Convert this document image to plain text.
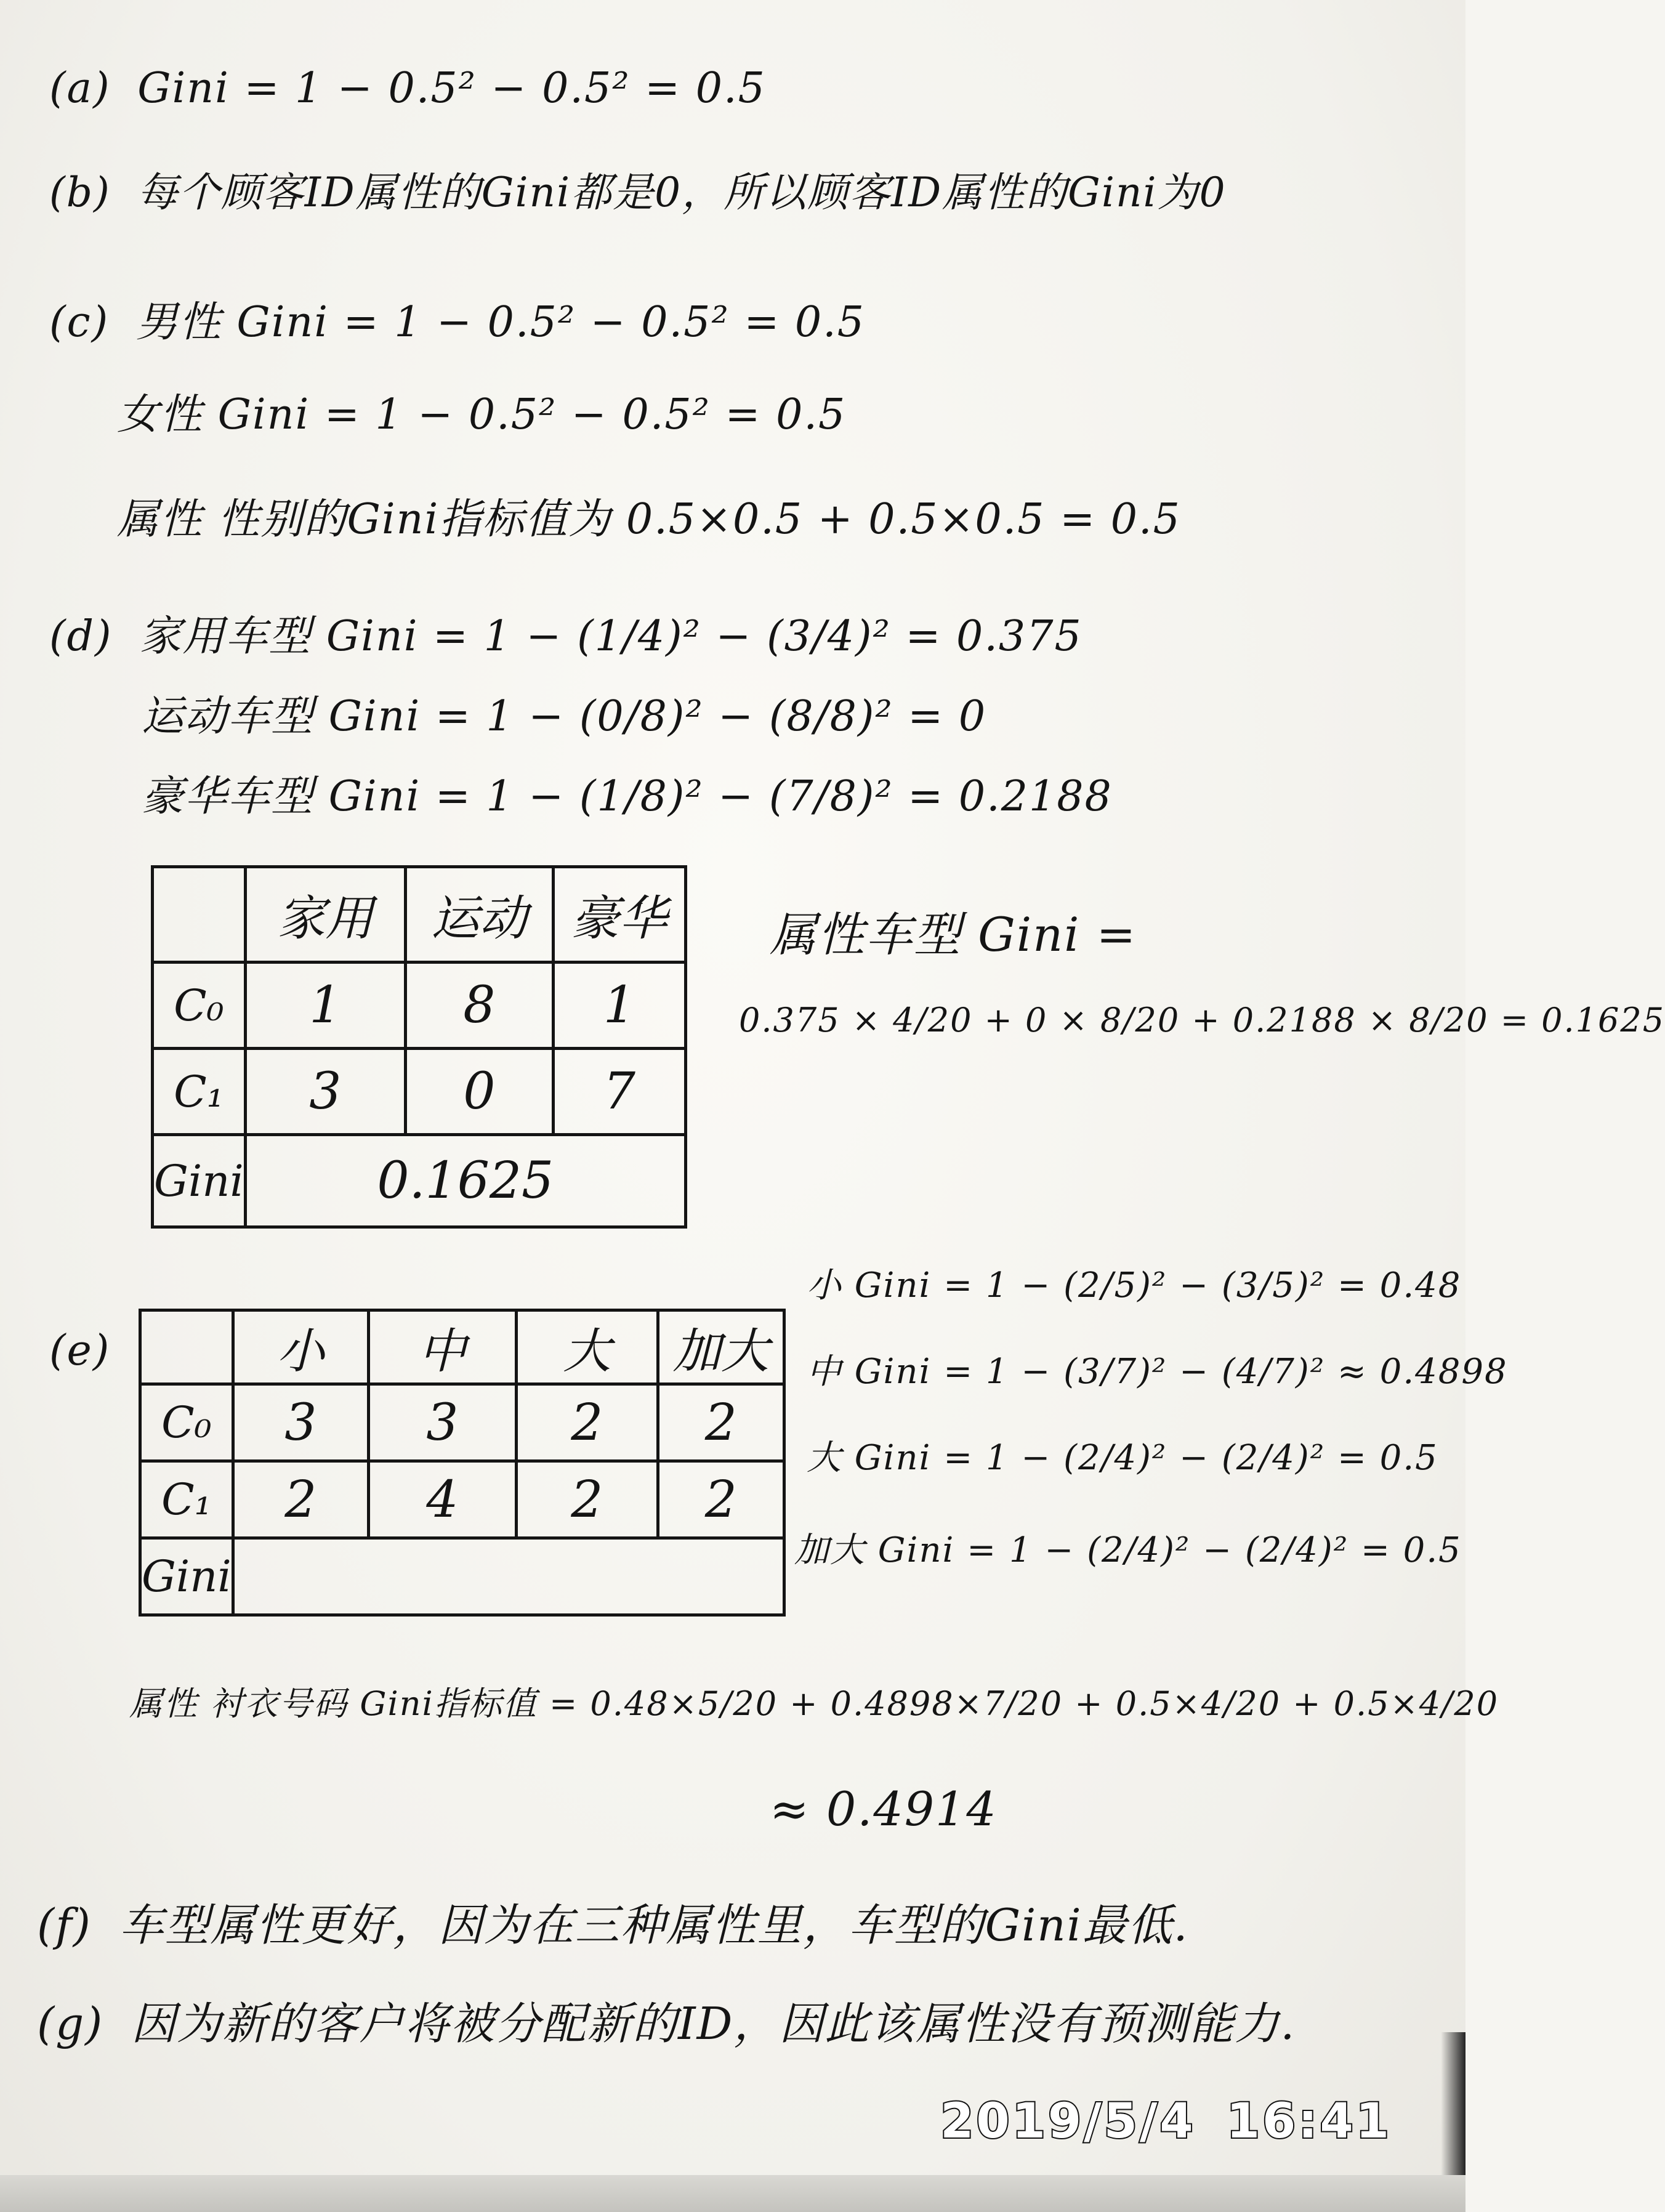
(a) Gini = 1 − 0.5² − 0.5² = 0.5
(b) 每个顾客ID属性的Gini都是0，所以顾客ID属性的Gini为0
(c) 男性 Gini = 1 − 0.5² − 0.5² = 0.5
女性 Gini = 1 − 0.5² − 0.5² = 0.5
属性 性别的Gini指标值为 0.5×0.5 + 0.5×0.5 = 0.5
(d) 家用车型 Gini = 1 − (1/4)² − (3/4)² = 0.375
运动车型 Gini = 1 − (0/8)² − (8/8)² = 0
豪华车型 Gini = 1 − (1/8)² − (7/8)² = 0.2188
	家用	运动	豪华
C₀	1	8	1
C₁	3	0	7
Gini	0.1625		
属性车型 Gini =
0.375 × 4/20 + 0 × 8/20 + 0.2188 × 8/20 = 0.1625
(e)
		小	中	大	加大
C₀	3	3	2	2
C₁	2	4	2	2
Gini				
小 Gini = 1 − (2/5)² − (3/5)² = 0.48
中 Gini = 1 − (3/7)² − (4/7)² ≈ 0.4898
大 Gini = 1 − (2/4)² − (2/4)² = 0.5
加大 Gini = 1 − (2/4)² − (2/4)² = 0.5
属性 衬衣号码 Gini指标值 = 0.48×5/20 + 0.4898×7/20 + 0.5×4/20 + 0.5×4/20
≈ 0.4914
(f) 车型属性更好，因为在三种属性里，车型的Gini最低.
(g) 因为新的客户将被分配新的ID，因此该属性没有预测能力.
2019/5/4 16:41
